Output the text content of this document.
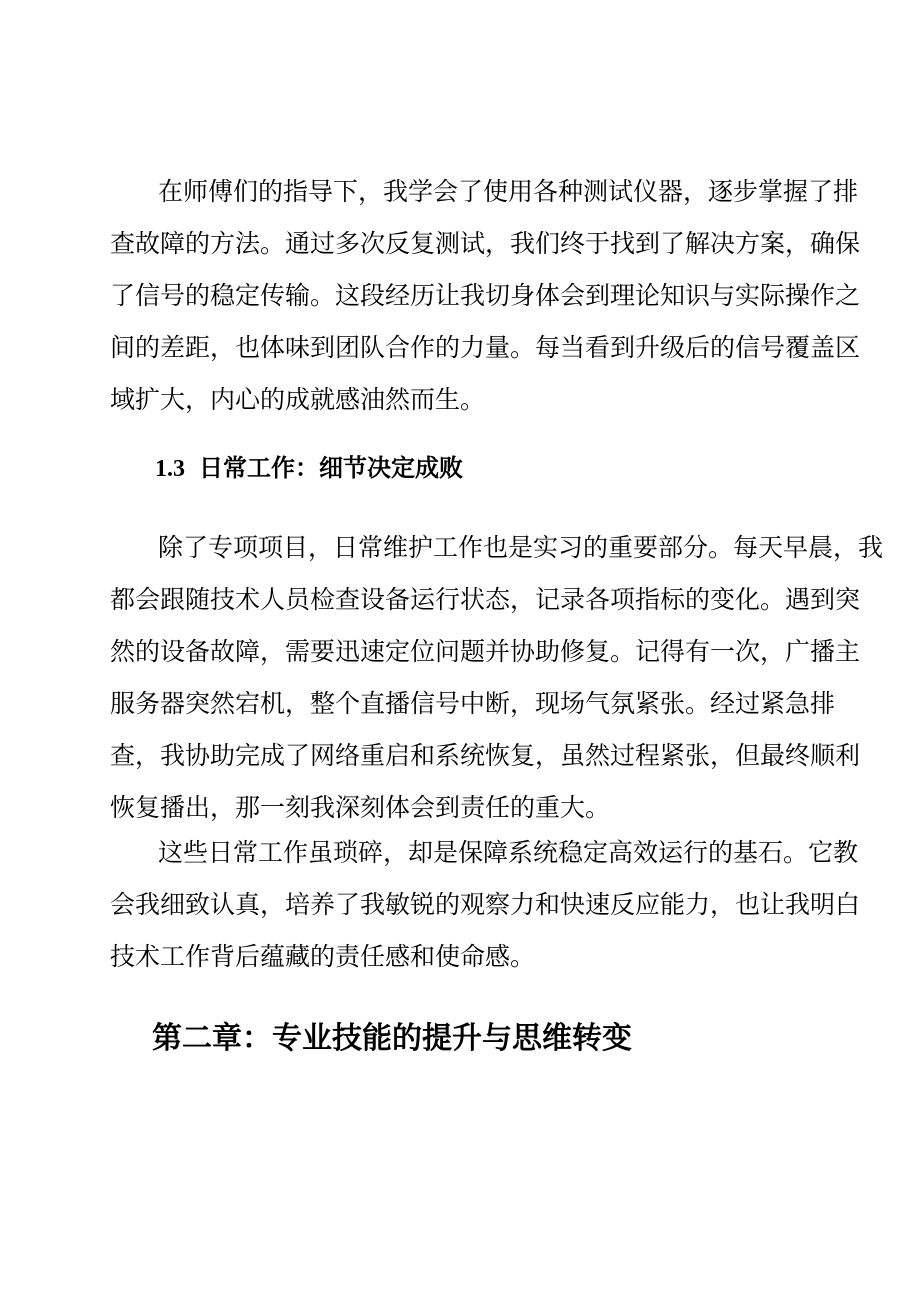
在师傅们的指导下，我学会了使用各种测试仪器，逐步掌握了排
查故障的方法。通过多次反复测试，我们终于找到了解决方案，确保
了信号的稳定传输。这段经历让我切身体会到理论知识与实际操作之
间的差距，也体味到团队合作的力量。每当看到升级后的信号覆盖区
域扩大，内心的成就感油然而生。

1.3 日常工作：细节决定成败

除了专项项目，日常维护工作也是实习的重要部分。每天早晨，我
都会跟随技术人员检查设备运行状态，记录各项指标的变化。遇到突
然的设备故障，需要迅速定位问题并协助修复。记得有一次，广播主
服务器突然宕机，整个直播信号中断，现场气氛紧张。经过紧急排
查，我协助完成了网络重启和系统恢复，虽然过程紧张，但最终顺利
恢复播出，那一刻我深刻体会到责任的重大。

这些日常工作虽琐碎，却是保障系统稳定高效运行的基石。它教
会我细致认真，培养了我敏锐的观察力和快速反应能力，也让我明白
技术工作背后蕴藏的责任感和使命感。

第二章：专业技能的提升与思维转变
